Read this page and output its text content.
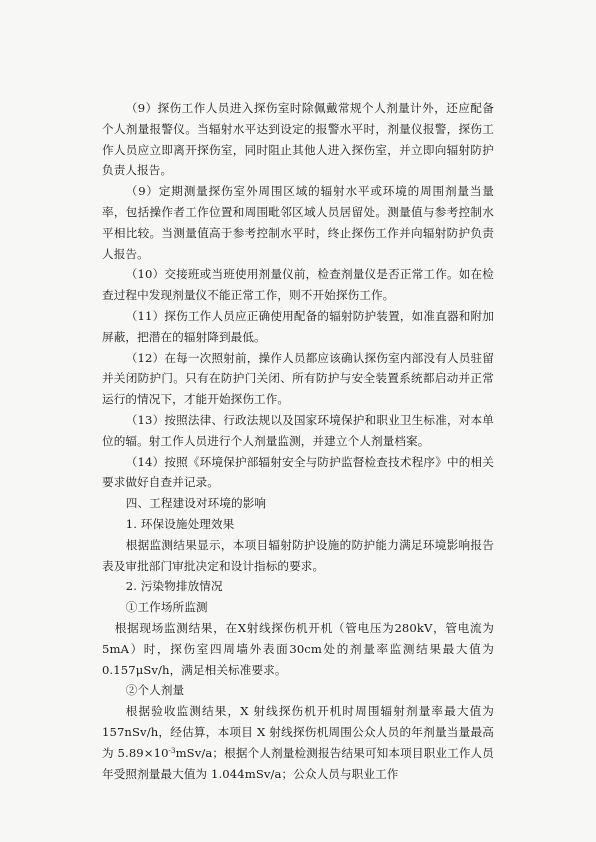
（9）探伤工作人员进入探伤室时除佩戴常规个人剂量计外，还应配备个人剂量报警仪。当辐射水平达到设定的报警水平时，剂量仪报警，探伤工作人员应立即离开探伤室，同时阻止其他人进入探伤室，并立即向辐射防护负责人报告。

（9）定期测量探伤室外周围区域的辐射水平或环境的周围剂量当量率，包括操作者工作位置和周围毗邻区域人员居留处。测量值与参考控制水平相比较。当测量值高于参考控制水平时，终止探伤工作并向辐射防护负责人报告。

（10）交接班或当班使用剂量仪前，检查剂量仪是否正常工作。如在检查过程中发现剂量仪不能正常工作，则不开始探伤工作。

（11）探伤工作人员应正确使用配备的辐射防护装置，如准直器和附加屏蔽，把潜在的辐射降到最低。

（12）在每一次照射前，操作人员都应该确认探伤室内部没有人员驻留并关闭防护门。只有在防护门关闭、所有防护与安全装置系统都启动并正常运行的情况下，才能开始探伤工作。

（13）按照法律、行政法规以及国家环境保护和职业卫生标准，对本单位的辐。射工作人员进行个人剂量监测，并建立个人剂量档案。

（14）按照《环境保护部辐射安全与防护监督检查技术程序》中的相关要求做好自查并记录。

四、工程建设对环境的影响

1. 环保设施处理效果

根据监测结果显示，本项目辐射防护设施的防护能力满足环境影响报告表及审批部门审批决定和设计指标的要求。

2. 污染物排放情况

①工作场所监测

根据现场监测结果，在X射线探伤机开机（管电压为280kV，管电流为5mA）时，探伤室四周墙外表面30cm处的剂量率监测结果最大值为0.157μSv/h，满足相关标准要求。

②个人剂量

根据验收监测结果，X 射线探伤机开机时周围辐射剂量率最大值为 157nSv/h，经估算，本项目 X 射线探伤机周围公众人员的年剂量当量最高为 $5.89\times 10^{-3}mSv/a$；根据个人剂量检测报告结果可知本项目职业工作人员年受照剂量最大值为 1.044mSv/a；公众人员与职业工作
